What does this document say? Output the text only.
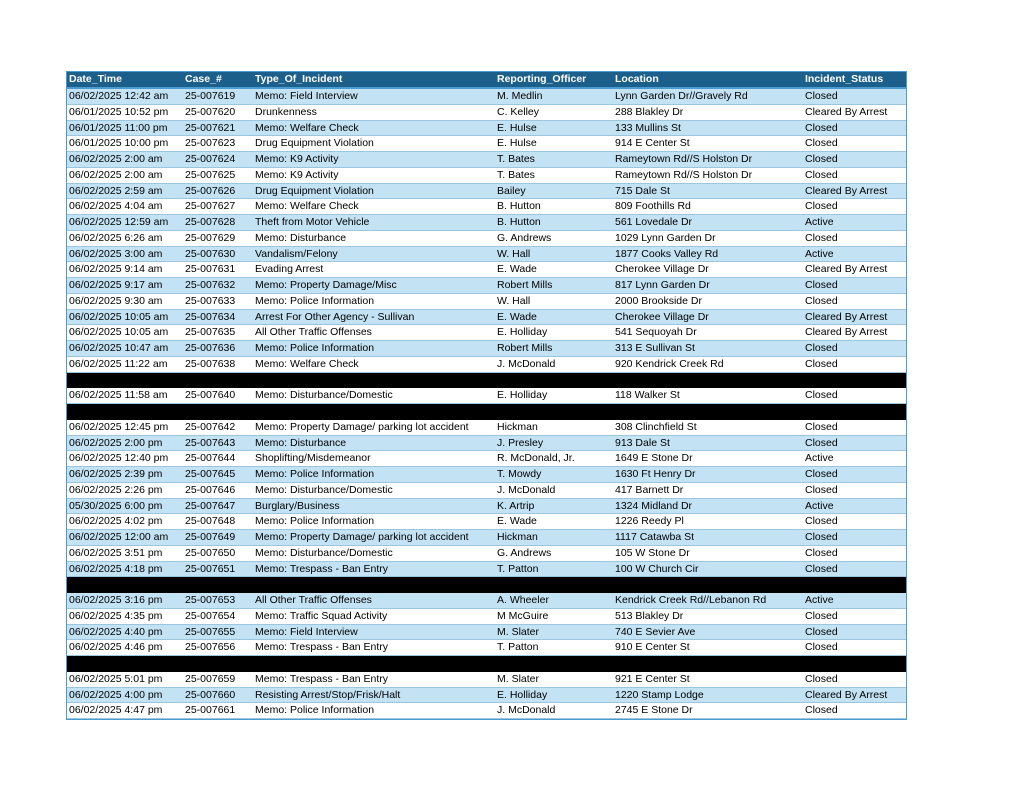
Date_Time	Case_#	Type_Of_Incident	Reporting_Officer	Location	Incident_Status
06/02/2025 12:42 am	25-007619	Memo: Field Interview	M. Medlin	Lynn Garden Dr//Gravely Rd	Closed
06/01/2025 10:52 pm	25-007620	Drunkenness	C. Kelley	288 Blakley Dr	Cleared By Arrest
06/01/2025 11:00 pm	25-007621	Memo: Welfare Check	E. Hulse	133 Mullins St	Closed
06/01/2025 10:00 pm	25-007623	Drug Equipment Violation	E. Hulse	914 E Center St	Closed
06/02/2025 2:00 am	25-007624	Memo: K9 Activity	T. Bates	Rameytown Rd//S Holston Dr	Closed
06/02/2025 2:00 am	25-007625	Memo: K9 Activity	T. Bates	Rameytown Rd//S Holston Dr	Closed
06/02/2025 2:59 am	25-007626	Drug Equipment Violation	Bailey	715 Dale St	Cleared By Arrest
06/02/2025 4:04 am	25-007627	Memo: Welfare Check	B. Hutton	809 Foothills Rd	Closed
06/02/2025 12:59 am	25-007628	Theft from Motor Vehicle	B. Hutton	561 Lovedale Dr	Active
06/02/2025 6:26 am	25-007629	Memo: Disturbance	G. Andrews	1029 Lynn Garden Dr	Closed
06/02/2025 3:00 am	25-007630	Vandalism/Felony	W. Hall	1877 Cooks Valley Rd	Active
06/02/2025 9:14 am	25-007631	Evading Arrest	E. Wade	Cherokee Village Dr	Cleared By Arrest
06/02/2025 9:17 am	25-007632	Memo: Property Damage/Misc	Robert Mills	817 Lynn Garden Dr	Closed
06/02/2025 9:30 am	25-007633	Memo: Police Information	W. Hall	2000 Brookside Dr	Closed
06/02/2025 10:05 am	25-007634	Arrest For Other Agency - Sullivan	E. Wade	Cherokee Village Dr	Cleared By Arrest
06/02/2025 10:05 am	25-007635	All Other Traffic Offenses	E. Holliday	541 Sequoyah Dr	Cleared By Arrest
06/02/2025 10:47 am	25-007636	Memo: Police Information	Robert Mills	313 E Sullivan St	Closed
06/02/2025 11:22 am	25-007638	Memo: Welfare Check	J. McDonald	920 Kendrick Creek Rd	Closed
06/02/2025 11:58 am	25-007640	Memo: Disturbance/Domestic	E. Holliday	118 Walker St	Closed
06/02/2025 12:45 pm	25-007642	Memo: Property Damage/ parking lot accident	Hickman	308 Clinchfield St	Closed
06/02/2025 2:00 pm	25-007643	Memo: Disturbance	J. Presley	913 Dale St	Closed
06/02/2025 12:40 pm	25-007644	Shoplifting/Misdemeanor	R. McDonald, Jr.	1649 E Stone Dr	Active
06/02/2025 2:39 pm	25-007645	Memo: Police Information	T. Mowdy	1630 Ft Henry Dr	Closed
06/02/2025 2:26 pm	25-007646	Memo: Disturbance/Domestic	J. McDonald	417 Barnett Dr	Closed
05/30/2025 6:00 pm	25-007647	Burglary/Business	K. Artrip	1324 Midland Dr	Active
06/02/2025 4:02 pm	25-007648	Memo: Police Information	E. Wade	1226 Reedy Pl	Closed
06/02/2025 12:00 am	25-007649	Memo: Property Damage/ parking lot accident	Hickman	1117 Catawba St	Closed
06/02/2025 3:51 pm	25-007650	Memo: Disturbance/Domestic	G. Andrews	105 W Stone Dr	Closed
06/02/2025 4:18 pm	25-007651	Memo: Trespass - Ban Entry	T. Patton	100 W Church Cir	Closed
06/02/2025 3:16 pm	25-007653	All Other Traffic Offenses	A. Wheeler	Kendrick Creek Rd//Lebanon Rd	Active
06/02/2025 4:35 pm	25-007654	Memo: Traffic Squad Activity	M McGuire	513 Blakley Dr	Closed
06/02/2025 4:40 pm	25-007655	Memo: Field Interview	M. Slater	740 E Sevier Ave	Closed
06/02/2025 4:46 pm	25-007656	Memo: Trespass - Ban Entry	T. Patton	910 E Center St	Closed
06/02/2025 5:01 pm	25-007659	Memo: Trespass - Ban Entry	M. Slater	921 E Center St	Closed
06/02/2025 4:00 pm	25-007660	Resisting Arrest/Stop/Frisk/Halt	E. Holliday	1220 Stamp Lodge	Cleared By Arrest
06/02/2025 4:47 pm	25-007661	Memo: Police Information	J. McDonald	2745 E Stone Dr	Closed
